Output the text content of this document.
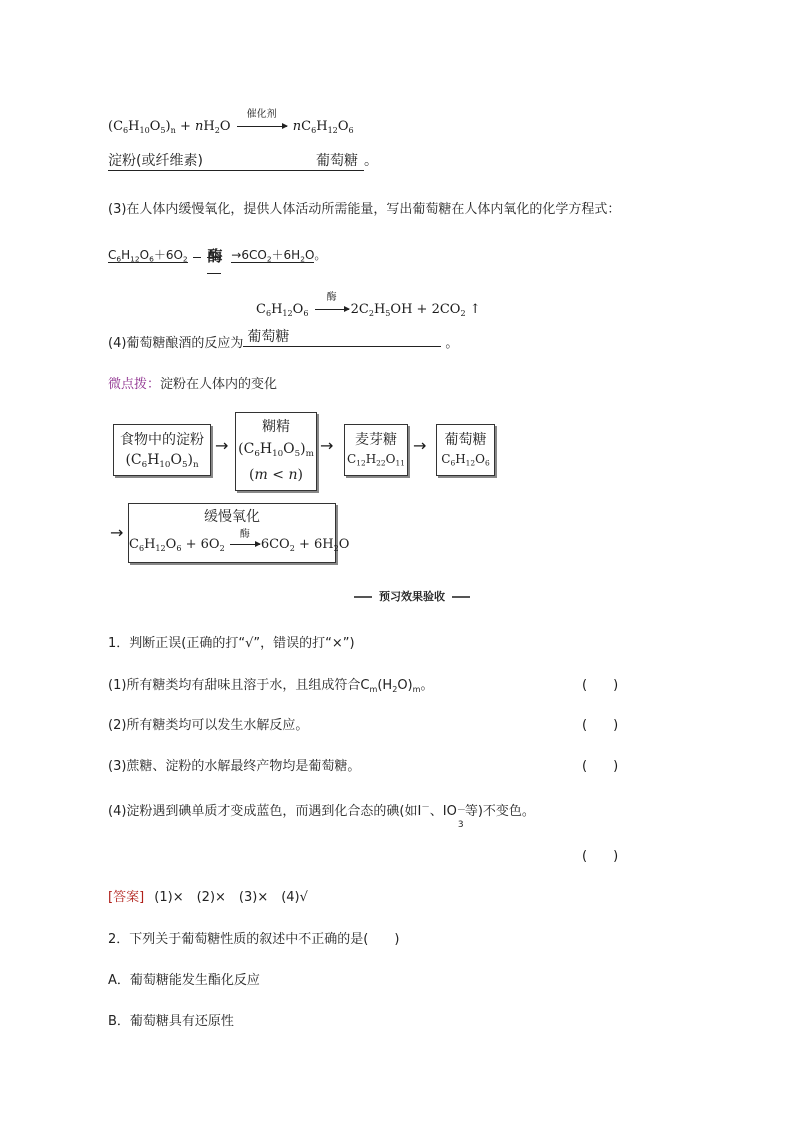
$(C_6H_{10}O_5)_n + nH_2O$
催化剂
$nC_6H_{12}O_6$
淀粉(或纤维素)	葡萄糖 。
(3)在人体内缓慢氧化，提供人体活动所需能量，写出葡萄糖在人体内氧化的化学方程式：
$C_6H_{12}O_6+6O_2$ 酶 $\to 6CO_2+6H_2O$。
$C_6H_{12}O_6$
酶
$2C_2H_5OH + 2CO_2$ ↑
(4)葡萄糖酿酒的反应为 葡萄糖	。
微点拨：淀粉在人体内的变化
食物中的淀粉
$(C_6H_{10}O_5)_n$
→
糊精
$(C_6H_{10}O_5)_m$
(m < n)
→	麦芽糖
$C_{12}H_{22}O_{11}$
→	葡萄糖
$C_6H_{12}O_6$
→
缓慢氧化
$C_6H_{12}O_6 + 6O_2$
酶
$6CO_2 + 6H_2O$
预习效果验收
1．判断正误(正确的打“√”，错误的打“×”)
(1)所有糖类均有甜味且溶于水，且组成符合$C_m(H_2O)_m$。	(　　)
(2)所有糖类均可以发生水解反应。	(　　)
(3)蔗糖、淀粉的水解最终产物均是葡萄糖。	(　　)
(4)淀粉遇到碘单质才变成蓝色，而遇到化合态的碘(如I－、IO －
3
等)不变色。
(　　)
[答案] (1)×　(2)×　(3)×　(4)√
2．下列关于葡萄糖性质的叙述中不正确的是(　　)
A．葡萄糖能发生酯化反应
B．葡萄糖具有还原性
